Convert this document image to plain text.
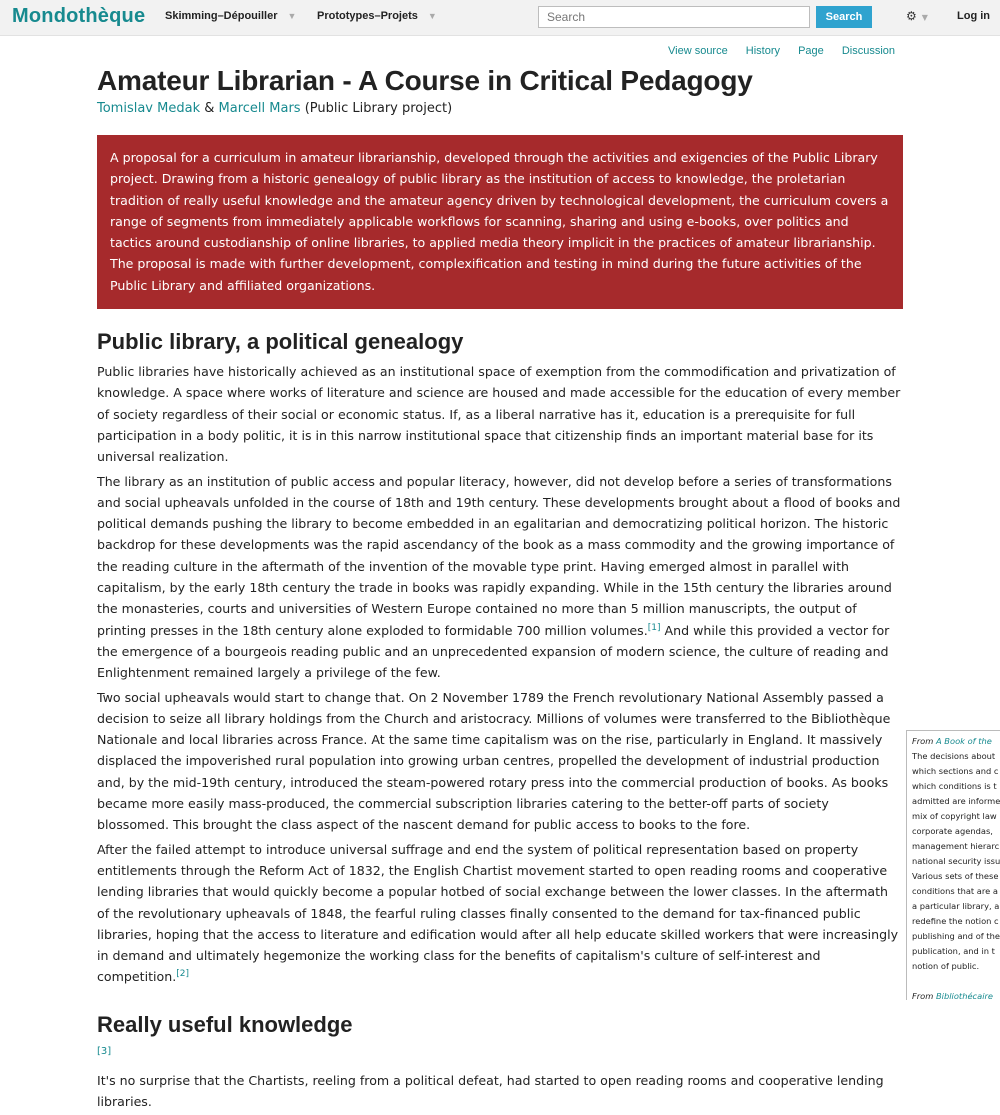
Mondothèque Skimming–Dépouiller ▼ Prototypes–Projets ▼
Search	Search	⚙ ▼	Log in
View source History Page Discussion
Amateur Librarian - A Course in Critical Pedagogy
Tomislav Medak & Marcell Mars (Public Library project)
A proposal for a curriculum in amateur librarianship, developed through the activities and exigencies of the Public Library project. Drawing from a historic genealogy of public library as the institution of access to knowledge, the proletarian tradition of really useful knowledge and the amateur agency driven by technological development, the curriculum covers a range of segments from immediately applicable workflows for scanning, sharing and using e-books, over politics and tactics around custodianship of online libraries, to applied media theory implicit in the practices of amateur librarianship. The proposal is made with further development, complexification and testing in mind during the future activities of the Public Library and affiliated organizations.
Public library, a political genealogy

Public libraries have historically achieved as an institutional space of exemption from the commodification and privatization of knowledge. A space where works of literature and science are housed and made accessible for the education of every member of society regardless of their social or economic status. If, as a liberal narrative has it, education is a prerequisite for full participation in a body politic, it is in this narrow institutional space that citizenship finds an important material base for its universal realization.

The library as an institution of public access and popular literacy, however, did not develop before a series of transformations and social upheavals unfolded in the course of 18th and 19th century. These developments brought about a flood of books and political demands pushing the library to become embedded in an egalitarian and democratizing political horizon. The historic backdrop for these developments was the rapid ascendancy of the book as a mass commodity and the growing importance of the reading culture in the aftermath of the invention of the movable type print. Having emerged almost in parallel with capitalism, by the early 18th century the trade in books was rapidly expanding. While in the 15th century the libraries around the monasteries, courts and universities of Western Europe contained no more than 5 million manuscripts, the output of printing presses in the 18th century alone exploded to formidable 700 million volumes.[1] And while this provided a vector for the emergence of a bourgeois reading public and an unprecedented expansion of modern science, the culture of reading and Enlightenment remained largely a privilege of the few.

Two social upheavals would start to change that. On 2 November 1789 the French revolutionary National Assembly passed a decision to seize all library holdings from the Church and aristocracy. Millions of volumes were transferred to the Bibliothèque Nationale and local libraries across France. At the same time capitalism was on the rise, particularly in England. It massively displaced the impoverished rural population into growing urban centres, propelled the development of industrial production and, by the mid-19th century, introduced the steam-powered rotary press into the commercial production of books. As books became more easily mass-produced, the commercial subscription libraries catering to the better-off parts of society blossomed. This brought the class aspect of the nascent demand for public access to books to the fore.

After the failed attempt to introduce universal suffrage and end the system of political representation based on property entitlements through the Reform Act of 1832, the English Chartist movement started to open reading rooms and cooperative lending libraries that would quickly become a popular hotbed of social exchange between the lower classes. In the aftermath of the revolutionary upheavals of 1848, the fearful ruling classes finally consented to the demand for tax-financed public libraries, hoping that the access to literature and edification would after all help educate skilled workers that were increasingly in demand and ultimately hegemonize the working class for the benefits of capitalism's culture of self-interest and competition.[2]

Really useful knowledge
[3]

It's no surprise that the Chartists, reeling from a political defeat, had started to open reading rooms and cooperative lending libraries.

From A Book of the
The decisions about
which sections and c
which conditions is t
admitted are informe
mix of copyright law
corporate agendas,
management hierarc
national security issu
Various sets of these
conditions that are a
a particular library, a
redefine the notion c
publishing and of the
publication, and in t
notion of public.
From Bibliothécaire
